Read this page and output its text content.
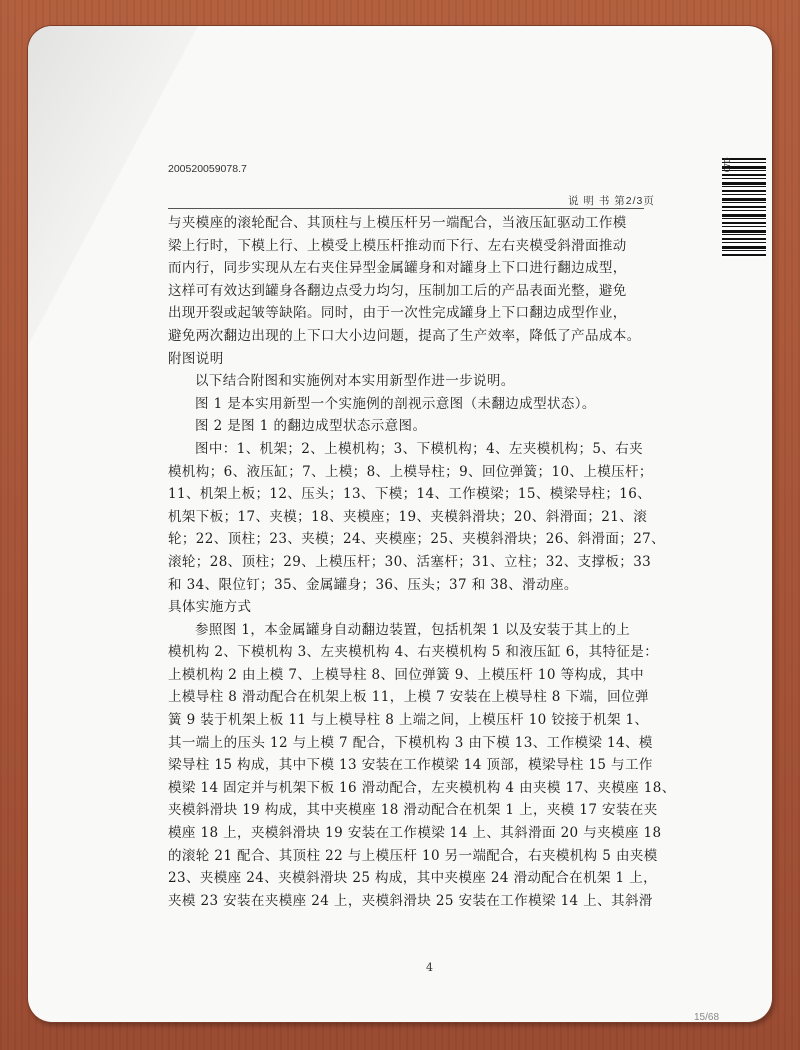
200520059078.7
说 明 书 第2/3页

与夹模座的滚轮配合、其顶柱与上模压杆另一端配合，当液压缸驱动工作模

梁上行时，下模上行、上模受上模压杆推动而下行、左右夹模受斜滑面推动

而内行，同步实现从左右夹住异型金属罐身和对罐身上下口进行翻边成型，

这样可有效达到罐身各翻边点受力均匀，压制加工后的产品表面光整，避免

出现开裂或起皱等缺陷。同时，由于一次性完成罐身上下口翻边成型作业，

避免两次翻边出现的上下口大小边问题，提高了生产效率，降低了产品成本。

附图说明

以下结合附图和实施例对本实用新型作进一步说明。

图 1 是本实用新型一个实施例的剖视示意图（未翻边成型状态）。

图 2 是图 1 的翻边成型状态示意图。

图中：1、机架；2、上模机构；3、下模机构；4、左夹模机构；5、右夹

模机构；6、液压缸；7、上模；8、上模导柱；9、回位弹簧；10、上模压杆；

11、机架上板；12、压头；13、下模；14、工作模梁；15、模梁导柱；16、

机架下板；17、夹模；18、夹模座；19、夹模斜滑块；20、斜滑面；21、滚

轮；22、顶柱；23、夹模；24、夹模座；25、夹模斜滑块；26、斜滑面；27、

滚轮；28、顶柱；29、上模压杆；30、活塞杆；31、立柱；32、支撑板；33

和 34、限位钉；35、金属罐身；36、压头；37 和 38、滑动座。

具体实施方式

参照图 1，本金属罐身自动翻边装置，包括机架 1 以及安装于其上的上

模机构 2、下模机构 3、左夹模机构 4、右夹模机构 5 和液压缸 6，其特征是：

上模机构 2 由上模 7、上模导柱 8、回位弹簧 9、上模压杆 10 等构成，其中

上模导柱 8 滑动配合在机架上板 11，上模 7 安装在上模导柱 8 下端，回位弹

簧 9 装于机架上板 11 与上模导柱 8 上端之间，上模压杆 10 铰接于机架 1、

其一端上的压头 12 与上模 7 配合，下模机构 3 由下模 13、工作模梁 14、模

梁导柱 15 构成，其中下模 13 安装在工作模梁 14 顶部，模梁导柱 15 与工作

模梁 14 固定并与机架下板 16 滑动配合，左夹模机构 4 由夹模 17、夹模座 18、

夹模斜滑块 19 构成，其中夹模座 18 滑动配合在机架 1 上，夹模 17 安装在夹

模座 18 上，夹模斜滑块 19 安装在工作模梁 14 上、其斜滑面 20 与夹模座 18

的滚轮 21 配合、其顶柱 22 与上模压杆 10 另一端配合，右夹模机构 5 由夹模

23、夹模座 24、夹模斜滑块 25 构成，其中夹模座 24 滑动配合在机架 1 上，

夹模 23 安装在夹模座 24 上，夹模斜滑块 25 安装在工作模梁 14 上、其斜滑

4
07D
15/68
